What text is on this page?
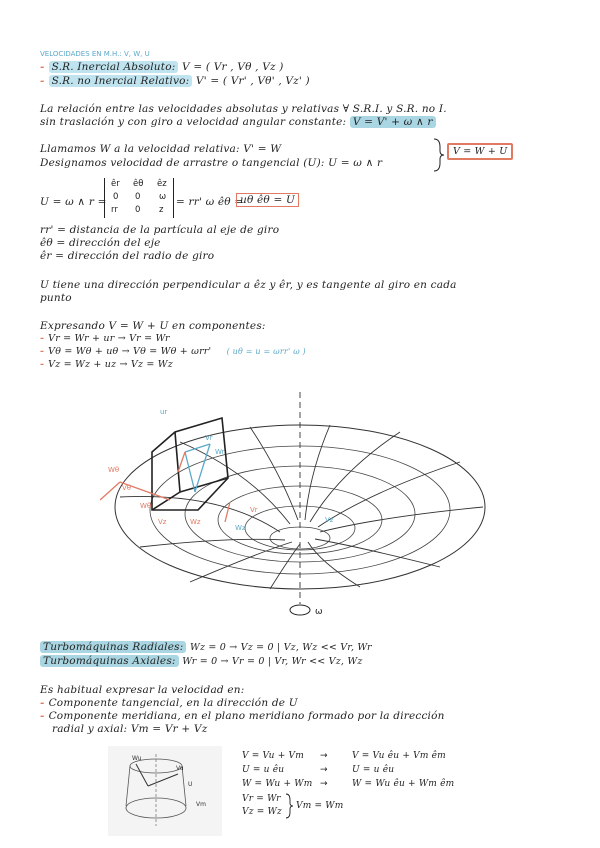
VELOCIDADES EN M.H.: V, W, U
- S.R. Inercial Absoluto: V = ( Vr , Vθ , Vz )
- S.R. no Inercial Relativo: V' = ( Vr' , Vθ' , Vz' )
La relación entre las velocidades absolutas y relativas ∀ S.R.I. y S.R. no I.
sin traslación y con giro a velocidad angular constante: V = V' + ω ∧ r
Llamamos W a la velocidad relativa: V' = W
Designamos velocidad de arrastre o tangencial (U): U = ω ∧ r
V = W + U
U = ω ∧ r =
êr êθ êz
0 0 ω
rr 0 z
= rr' ω êθ =
uθ êθ = U
rr' = distancia de la partícula al eje de giro
êθ = dirección del eje
êr = dirección del radio de giro
U tiene una dirección perpendicular a êz y êr, y es tangente al giro en cada
punto
Expresando V = W + U en componentes:
- Vr = Wr + ur → Vr = Wr
- Vθ = Wθ + uθ → Vθ = Wθ + ωrr' ( uθ = u = ωrr' ω )
- Vz = Wz + uz → Vz = Wz
ur
Vr
Wr
Wθ
Vθ
Wθ
Vz	Wz
Vr
Vz
Wz
ω
Turbomáquinas Radiales: Wz = 0 → Vz = 0 | Vz, Wz << Vr, Wr
Turbomáquinas Axiales: Wr = 0 → Vr = 0 | Vr, Wr << Vz, Wz
Es habitual expresar la velocidad en:
- Componente tangencial, en la dirección de U
- Componente meridiana, en el plano meridiano formado por la dirección
radial y axial: Vm = Vr + Vz
Vu
U
Wu
Vm
V = Vu + Vm
U = u êu
W = Wu + Wm
Vr = Wr
Vz = Wz
→
→
→
V = Vu êu + Vm êm
U = u êu
W = Wu êu + Wm êm
Vm = Wm
